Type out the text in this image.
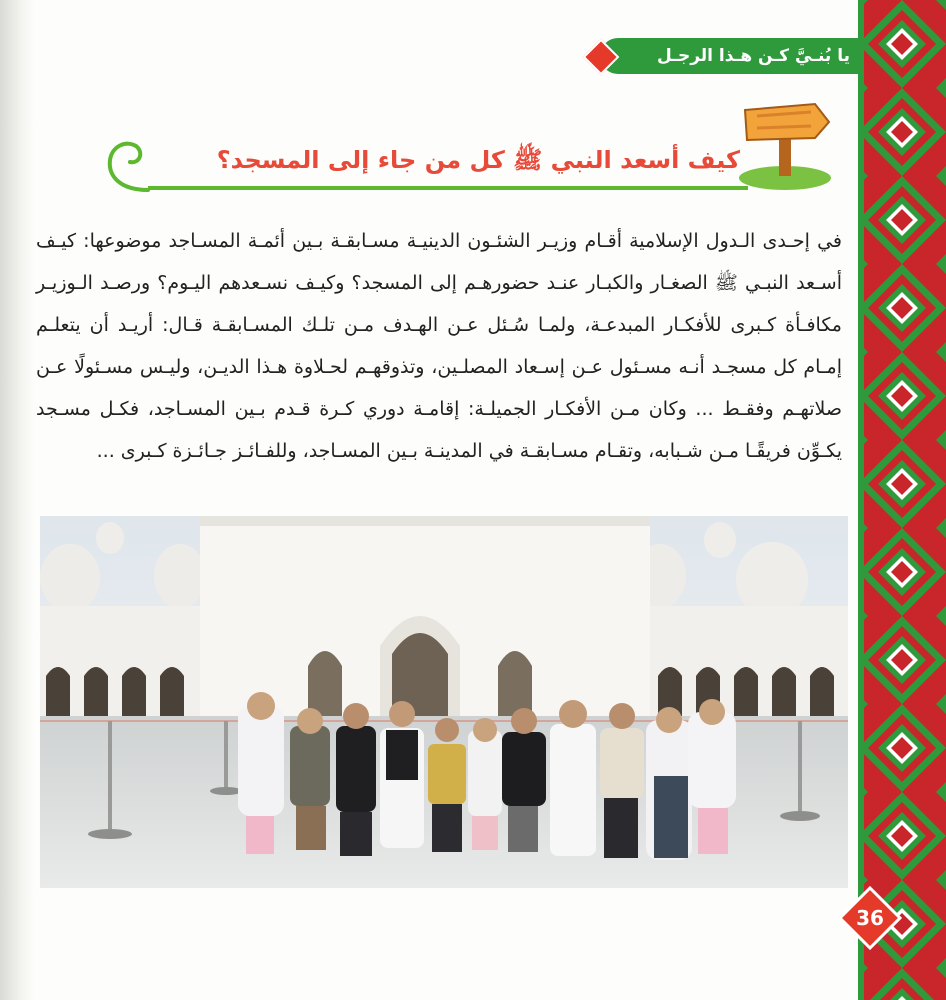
يا بُنـيَّ كـن هـذا الرجـل
كيف أسعد النبي ﷺ كل من جاء إلى المسجد؟

في إحـدى الـدول الإسلامية أقـام وزيـر الشئـون الدينيـة مسـابقـة بـين أئمـة المسـاجد موضوعها: كيـف أسـعد النبـي ﷺ الصغـار والكبـار عنـد حضورهـم إلى المسجد؟ وكيـف نسـعدهم اليـوم؟ ورصـد الـوزيـر مكافـأة كـبرى للأفكـار المبدعـة، ولمـا سُـئل عـن الهـدف مـن تلـك المسـابقـة قـال: أريـد أن يتعلـم إمـام كل مسجـد أنـه مسـئول عـن إسـعاد المصلـين، وتذوقهـم لحـلاوة هـذا الديـن، وليـس مسـئولًا عـن صلاتهـم وفقـط ... وكان مـن الأفكـار الجميلـة: إقامـة دوري كـرة قـدم بـين المسـاجد، فكـل مسـجد يكـوِّن فريقًـا مـن شـبابه، وتقـام مسـابقـة في المدينـة بـين المسـاجد، وللفـائـز جـائـزة كـبرى ...

36
